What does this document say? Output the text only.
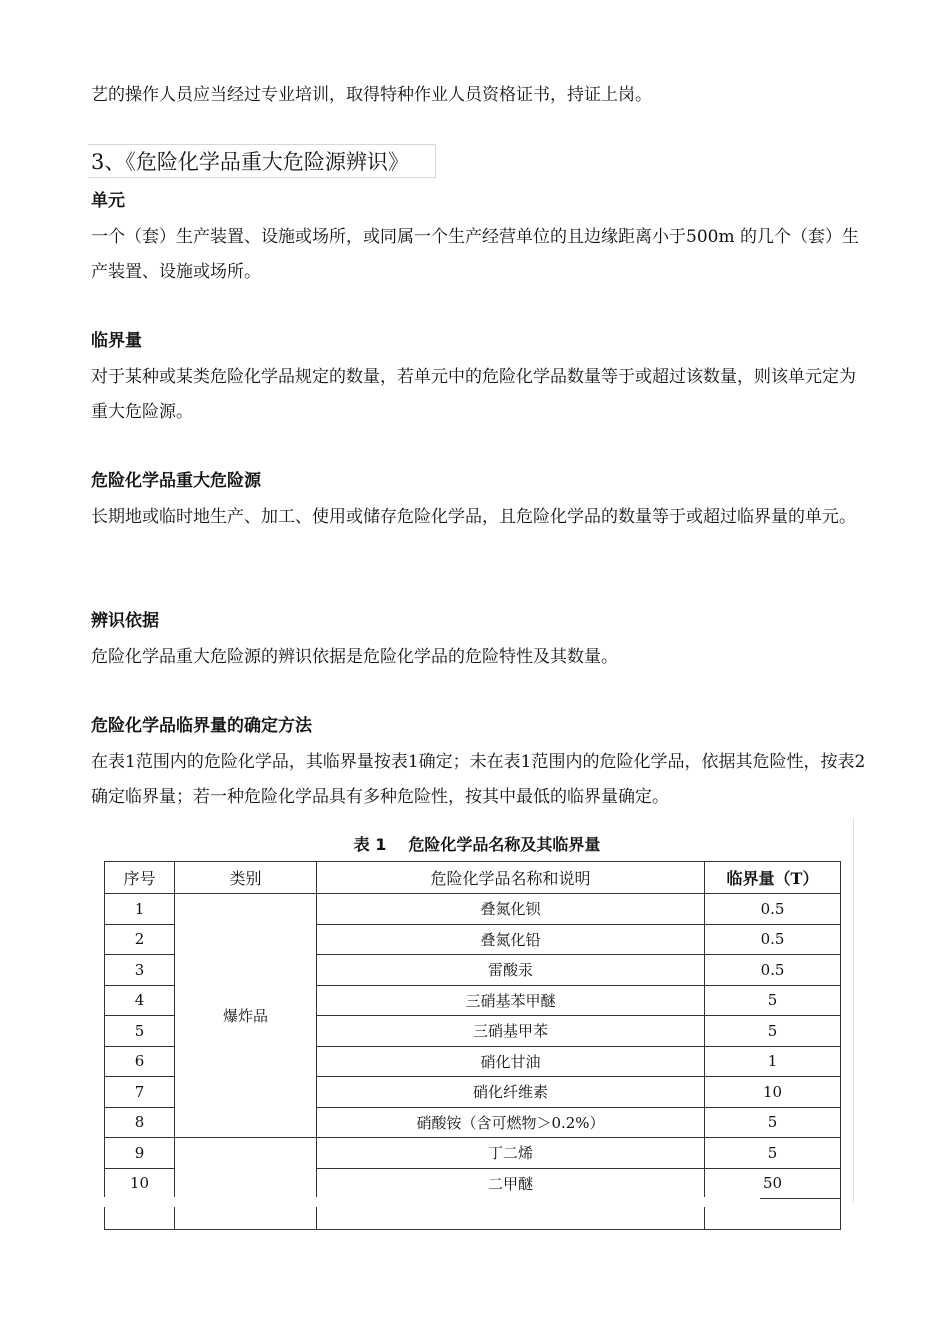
艺的操作人员应当经过专业培训，取得特种作业人员资格证书，持证上岗。

3、《危险化学品重大危险源辨识》

单元

一个（套）生产装置、设施或场所，或同属一个生产经营单位的且边缘距离小于500m 的几个（套）生产装置、设施或场所。

临界量

对于某种或某类危险化学品规定的数量，若单元中的危险化学品数量等于或超过该数量，则该单元定为重大危险源。

危险化学品重大危险源

长期地或临时地生产、加工、使用或储存危险化学品，且危险化学品的数量等于或超过临界量的单元。

辨识依据

危险化学品重大危险源的辨识依据是危险化学品的危险特性及其数量。

危险化学品临界量的确定方法

在表1范围内的危险化学品，其临界量按表1确定；未在表1范围内的危险化学品，依据其危险性，按表2确定临界量；若一种危险化学品具有多种危险性，按其中最低的临界量确定。

表 1 危险化学品名称及其临界量
序号	类别	危险化学品名称和说明	临界量（T）
1	爆炸品	叠氮化钡	0.5
2		叠氮化铅	0.5
3		雷酸汞	0.5
4		三硝基苯甲醚	5
5		三硝基甲苯	5
6		硝化甘油	1
7		硝化纤维素	10
8		硝酸铵（含可燃物＞0.2%）	5
9		丁二烯	5
10		二甲醚	50
